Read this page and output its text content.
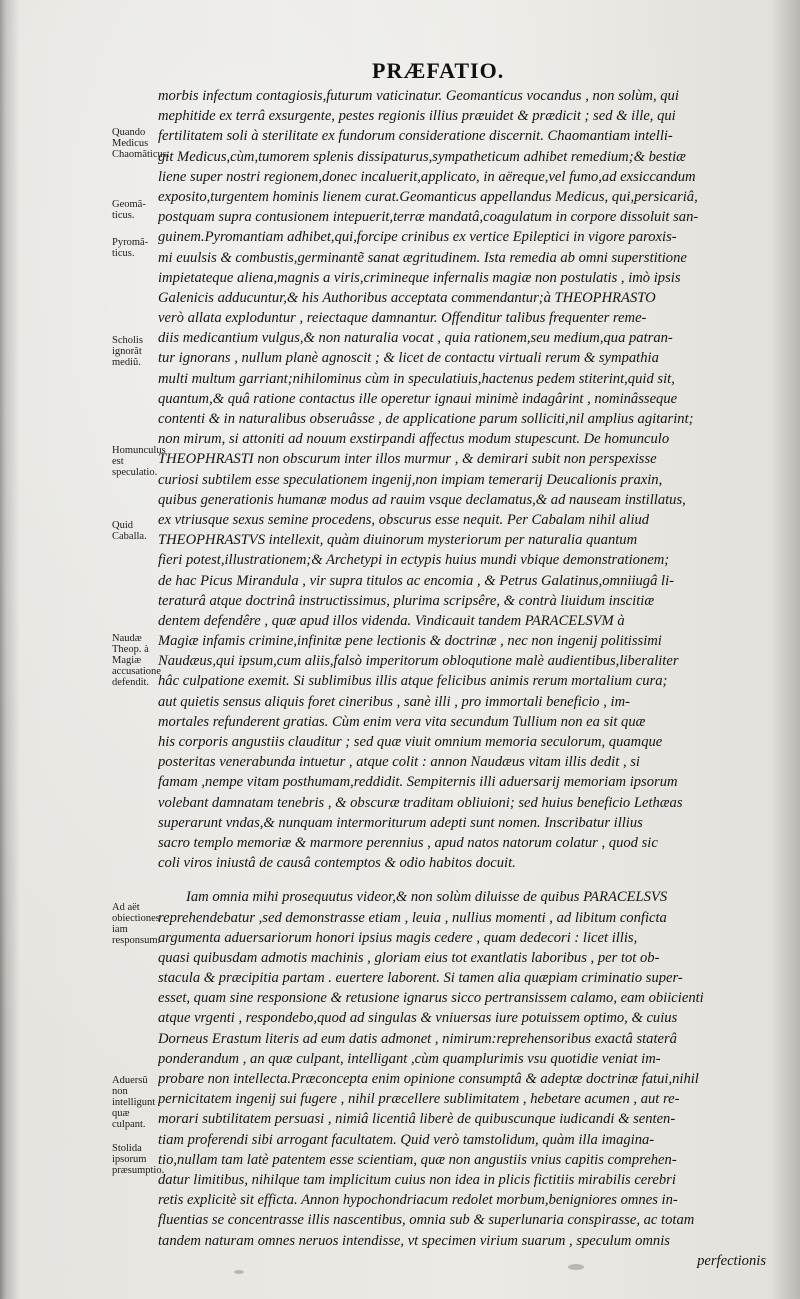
PRÆFATIO.
Quando Medicus Chaomãticus.
Geomã-ticus.
Pyromã-ticus.
Scholis ignorãt mediũ.
Homunculus est speculatio.
Quid Caballa.
Naudæ Theop. à Magiæ accusatione defendit.
Ad aët obiectiones iam responsum.
Aduersũ non intelligunt quæ culpant.
Stolida ipsorum præsumptio.
morbis infectum contagiosis,futurum vaticinatur. Geomanticus vocandus , non solùm, qui
mephitide ex terrâ exsurgente, pestes regionis illius præuidet & prædicit ; sed & ille, qui
fertilitatem soli à sterilitate ex fundorum consideratione discernit. Chaomantiam intelli-
git Medicus,cùm,tumorem splenis dissipaturus,sympatheticum adhibet remedium;& bestiæ
liene super nostri regionem,donec incaluerit,applicato, in aëreque,vel fumo,ad exsiccandum
exposito,turgentem hominis lienem curat.Geomanticus appellandus Medicus, qui,persicariâ,
postquam supra contusionem intepuerit,terræ mandatâ,coagulatum in corpore dissoluit san-
guinem.Pyromantiam adhibet,qui,forcipe crinibus ex vertice Epileptici in vigore paroxis-
mi euulsis & combustis,germinantẽ sanat ægritudinem. Ista remedia ab omni superstitione
impietateque aliena,magnis a viris,crimineque infernalis magiæ non postulatis , imò ipsis
Galenicis adducuntur,& his Authoribus acceptata commendantur;à THEOPHRASTO
verò allata exploduntur , reiectaque damnantur. Offenditur talibus frequenter reme-
diis medicantium vulgus,& non naturalia vocat , quia rationem,seu medium,qua patran-
tur ignorans , nullum planè agnoscit ; & licet de contactu virtuali rerum & sympathia
multi multum garriant;nihilominus cùm in speculatiuis,hactenus pedem stiterint,quid sit,
quantum,& quâ ratione contactus ille operetur ignaui minimè indagârint , nominâsseque
contenti & in naturalibus obseruâsse , de applicatione parum solliciti,nil amplius agitarint;
non mirum, si attoniti ad nouum exstirpandi affectus modum stupescunt. De homunculo
THEOPHRASTI non obscurum inter illos murmur , & demirari subit non perspexisse
curiosi subtilem esse speculationem ingenij,non impiam temerarij Deucalionis praxin,
quibus generationis humanæ modus ad rauim vsque declamatus,& ad nauseam instillatus,
ex vtriusque sexus semine procedens, obscurus esse nequit. Per Cabalam nihil aliud
THEOPHRASTVS intellexit, quàm diuinorum mysteriorum per naturalia quantum
fieri potest,illustrationem;& Archetypi in ectypis huius mundi vbique demonstrationem;
de hac Picus Mirandula , vir supra titulos ac encomia , & Petrus Galatinus,omniiugâ li-
teraturâ atque doctrinâ instructissimus, plurima scripsêre, & contrà liuidum inscitiæ
dentem defendêre , quæ apud illos videnda. Vindicauit tandem PARACELSVM à
Magiæ infamis crimine,infinitæ pene lectionis & doctrinæ , nec non ingenij politissimi
Naudæus,qui ipsum,cum aliis,falsò imperitorum obloqutione malè audientibus,liberaliter
hâc culpatione exemit. Si sublimibus illis atque felicibus animis rerum mortalium cura;
aut quietis sensus aliquis foret cineribus , sanè illi , pro immortali beneficio , im-
mortales refunderent gratias. Cùm enim vera vita secundum Tullium non ea sit quæ
his corporis angustiis clauditur ; sed quæ viuit omnium memoria seculorum, quamque
posteritas venerabunda intuetur , atque colit : annon Naudæus vitam illis dedit , si
famam ,nempe vitam posthumam,reddidit. Sempiternis illi aduersarij memoriam ipsorum
volebant damnatam tenebris , & obscuræ traditam obliuioni; sed huius beneficio Lethæas
superarunt vndas,& nunquam intermoriturum adepti sunt nomen. Inscribatur illius
sacro templo memoriæ & marmore perennius , apud natos natorum colatur , quod sic
coli viros iniustâ de causâ contemptos & odio habitos docuit.
Iam omnia mihi prosequutus videor,& non solùm diluisse de quibus PARACELSVS
reprehendebatur ,sed demonstrasse etiam , leuia , nullius momenti , ad libitum conficta
argumenta aduersariorum honori ipsius magis cedere , quam dedecori : licet illis,
quasi quibusdam admotis machinis , gloriam eius tot exantlatis laboribus , per tot ob-
stacula & præcipitia partam . euertere laborent. Si tamen alia quæpiam criminatio super-
esset, quam sine responsione & retusione ignarus sicco pertransissem calamo, eam obiicienti
atque vrgenti , respondebo,quod ad singulas & vniuersas iure potuissem optimo, & cuius
Dorneus Erastum literis ad eum datis admonet , nimirum:reprehensoribus exactâ staterâ
ponderandum , an quæ culpant, intelligant ,cùm quamplurimis vsu quotidie veniat im-
probare non intellecta.Præconcepta enim opinione consumptâ & adeptæ doctrinæ fatui,nihil
pernicitatem ingenij sui fugere , nihil præcellere sublimitatem , hebetare acumen , aut re-
morari subtilitatem persuasi , nimiâ licentiâ liberè de quibuscunque iudicandi & senten-
tiam proferendi sibi arrogant facultatem. Quid verò tamstolidum, quàm illa imagina-
tio,nullam tam latè patentem esse scientiam, quæ non angustiis vnius capitis comprehen-
datur limitibus, nihilque tam implicitum cuius non idea in plicis fictitiis mirabilis cerebri
retis explicitè sit efficta. Annon hypochondriacum redolet morbum,benigniores omnes in-
fluentias se concentrasse illis nascentibus, omnia sub & superlunaria conspirasse, ac totam
tandem naturam omnes neruos intendisse, vt specimen virium suarum , speculum omnis
perfectionis
